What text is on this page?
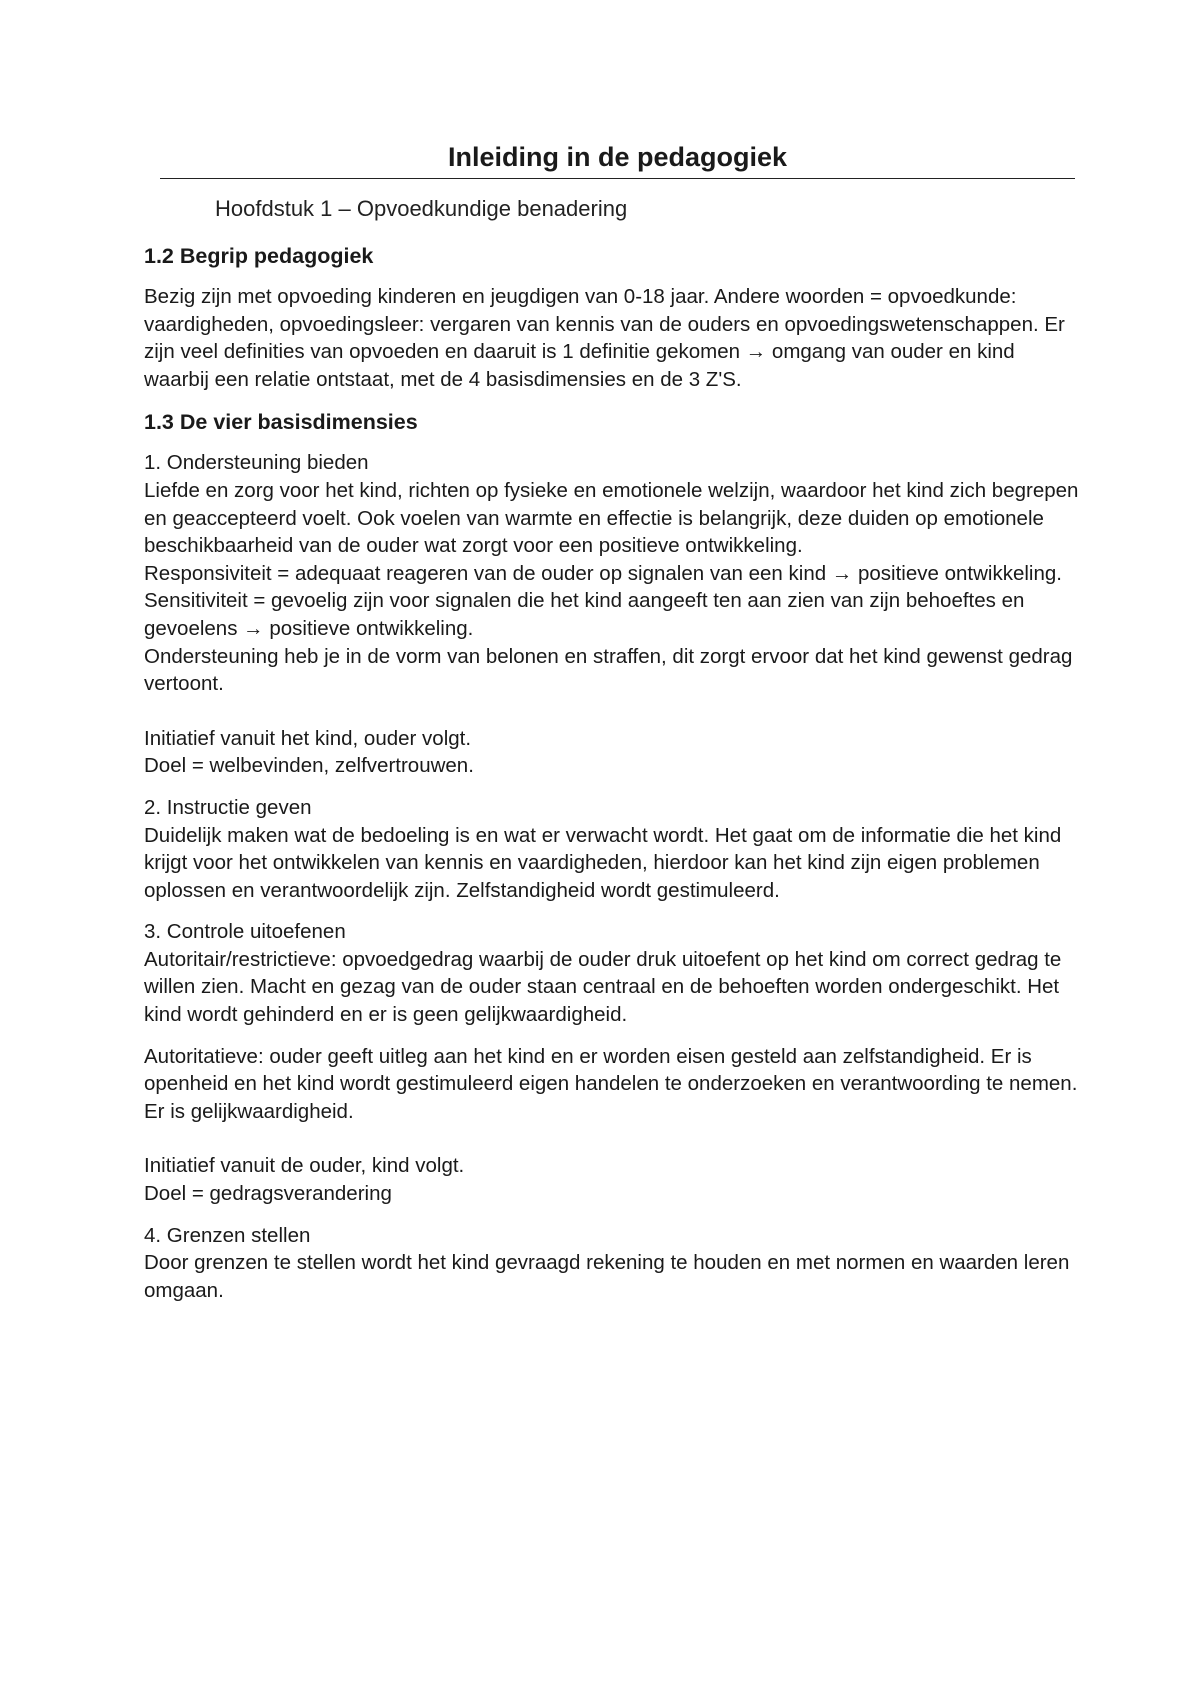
Inleiding in de pedagogiek

Hoofdstuk 1 – Opvoedkundige benadering

1.2 Begrip pedagogiek

Bezig zijn met opvoeding kinderen en jeugdigen van 0-18 jaar. Andere woorden = opvoedkunde: vaardigheden, opvoedingsleer: vergaren van kennis van de ouders en opvoedingswetenschappen. Er zijn veel definities van opvoeden en daaruit is 1 definitie gekomen → omgang van ouder en kind waarbij een relatie ontstaat, met de 4 basisdimensies en de 3 Z'S.

1.3 De vier basisdimensies

1. Ondersteuning bieden
Liefde en zorg voor het kind, richten op fysieke en emotionele welzijn, waardoor het kind zich begrepen en geaccepteerd voelt. Ook voelen van warmte en effectie is belangrijk, deze duiden op emotionele beschikbaarheid van de ouder wat zorgt voor een positieve ontwikkeling.
Responsiviteit = adequaat reageren van de ouder op signalen van een kind → positieve ontwikkeling.
Sensitiviteit = gevoelig zijn voor signalen die het kind aangeeft ten aan zien van zijn behoeftes en gevoelens → positieve ontwikkeling.
Ondersteuning heb je in de vorm van belonen en straffen, dit zorgt ervoor dat het kind gewenst gedrag vertoont.

Initiatief vanuit het kind, ouder volgt.
Doel = welbevinden, zelfvertrouwen.

2. Instructie geven
Duidelijk maken wat de bedoeling is en wat er verwacht wordt. Het gaat om de informatie die het kind krijgt voor het ontwikkelen van kennis en vaardigheden, hierdoor kan het kind zijn eigen problemen oplossen en verantwoordelijk zijn. Zelfstandigheid wordt gestimuleerd.

3. Controle uitoefenen
Autoritair/restrictieve: opvoedgedrag waarbij de ouder druk uitoefent op het kind om correct gedrag te willen zien. Macht en gezag van de ouder staan centraal en de behoeften worden ondergeschikt. Het kind wordt gehinderd en er is geen gelijkwaardigheid.

Autoritatieve: ouder geeft uitleg aan het kind en er worden eisen gesteld aan zelfstandigheid. Er is openheid en het kind wordt gestimuleerd eigen handelen te onderzoeken en verantwoording te nemen. Er is gelijkwaardigheid.

Initiatief vanuit de ouder, kind volgt.
Doel = gedragsverandering

4. Grenzen stellen
Door grenzen te stellen wordt het kind gevraagd rekening te houden en met normen en waarden leren omgaan.
